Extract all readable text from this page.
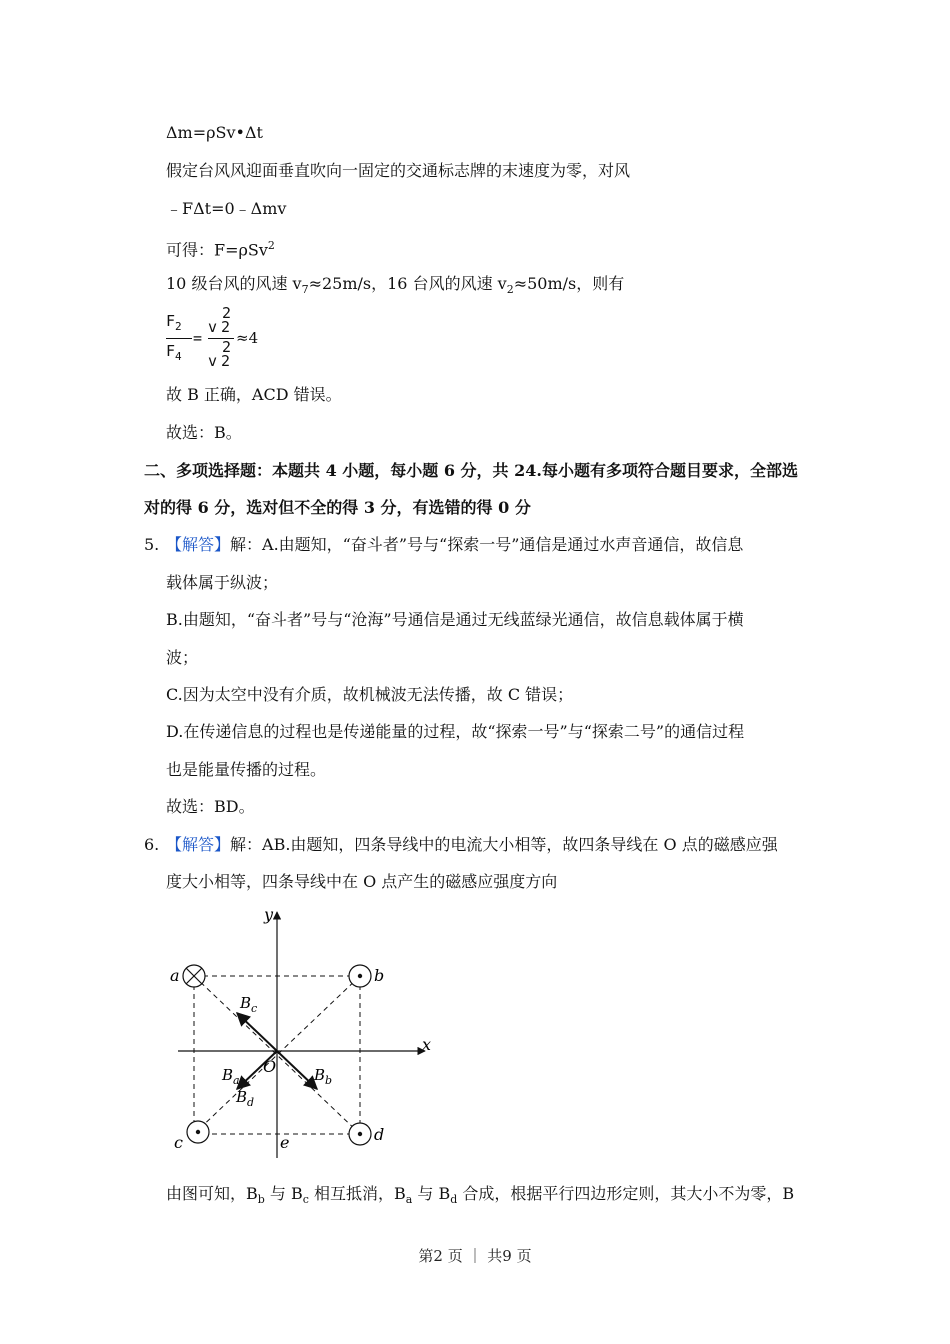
Δm=ρSv•Δt
假定台风风迎面垂直吹向一固定的交通标志牌的末速度为零，对风
﹣FΔt=0﹣Δmv
可得：F=ρSv$^2$
10 级台风的风速 $v_7\approx 25m/s$，16 台风的风速 $v_2\approx 50m/s$，则有
$F_2$
$F_4$
=
2
v 2
2
v 2
≈4
故 B 正确，ACD 错误。
故选：B。
二、多项选择题：本题共 4 小题，每小题 6 分，共 24.每小题有多项符合题目要求，全部选
对的得 6 分，选对但不全的得 3 分，有选错的得 0 分
5. 【解答】解：A.由题知，“奋斗者”号与“探索一号”通信是通过水声音通信，故信息
载体属于纵波；
B.由题知，“奋斗者”号与“沧海”号通信是通过无线蓝绿光通信，故信息载体属于横
波；
C.因为太空中没有介质，故机械波无法传播，故 C 错误；
D.在传递信息的过程也是传递能量的过程，故“探索一号”与“探索二号”的通信过程
也是能量传播的过程。
故选：BD。
6. 【解答】解：AB.由题知，四条导线中的电流大小相等，故四条导线在 O 点的磁感应强
度大小相等，四条导线中在 O 点产生的磁感应强度方向
y
x
a	b
c	d
e
O
$B_c$
$B_a$
$B_d$
$B_b$
由图可知，$B_b$ 与 $B_c$ 相互抵消，$B_a$ 与 $B_d$ 合成，根据平行四边形定则，其大小不为零，B
第2 页 ｜ 共9 页
